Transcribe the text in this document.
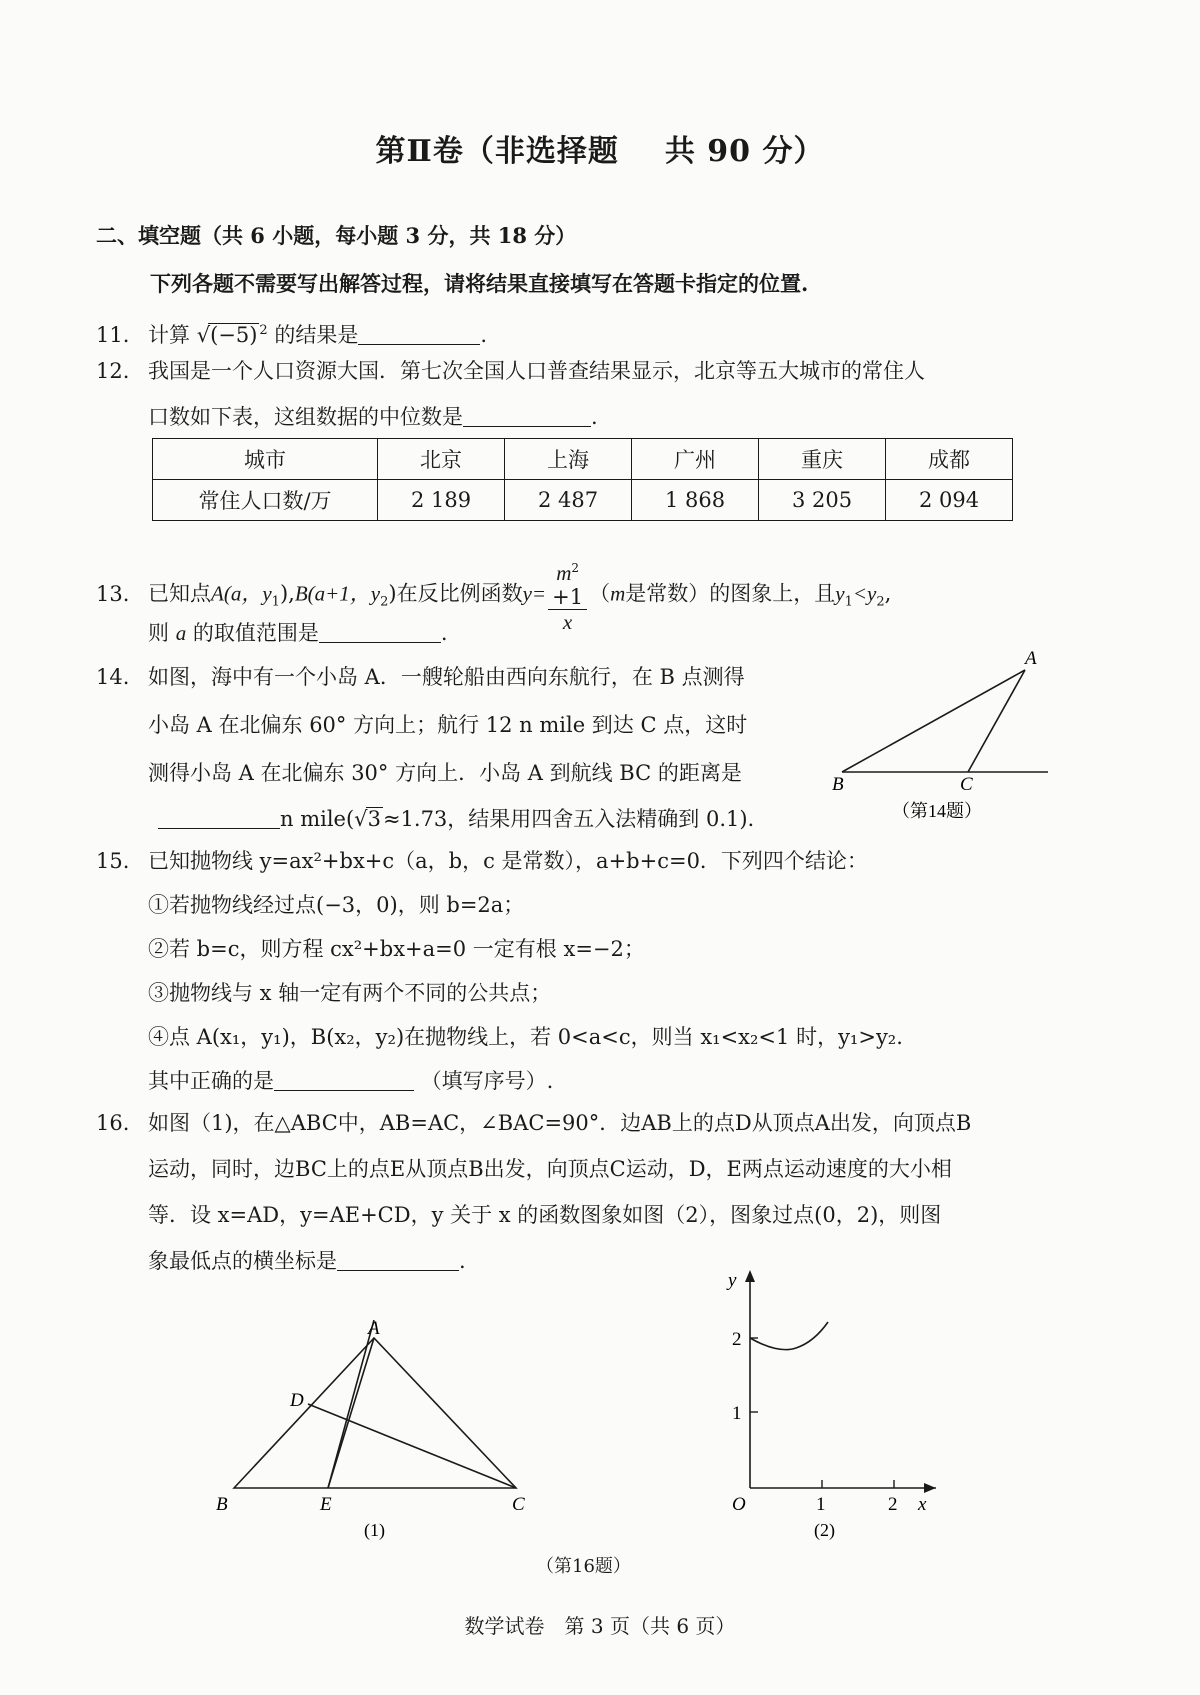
第Ⅱ卷（非选择题 共 90 分）
二、填空题（共 6 小题，每小题 3 分，共 18 分）
下列各题不需要写出解答过程，请将结果直接填写在答题卡指定的位置.
11. 计算 √(−5) $^2$ 的结果是	.
12. 我国是一个人口资源大国．第七次全国人口普查结果显示，北京等五大城市的常住人
口数如下表，这组数据的中位数是	.
城市	北京	上海	广州	重庆	成都
常住人口数/万	2 189	2 487	1 868	3 205	2 094
13. 已知点A(a，$y_1),B(a+1$，$y_2$)在反比例函数$y= m^2$
+1
x （m是常数）的图象上，且$y_1<y_2$,
则 a 的取值范围是	.
14. 如图，海中有一个小岛 A．一艘轮船由西向东航行，在 B 点测得
小岛 A 在北偏东 60° 方向上；航行 12 n mile 到达 C 点，这时
测得小岛 A 在北偏东 30° 方向上．小岛 A 到航线 BC 的距离是
n mile(√3≈1.73，结果用四舍五入法精确到 0.1).
A
B	C
（第14题）
15. 已知抛物线 y=ax²+bx+c（a，b，c 是常数），a+b+c=0．下列四个结论：
①若抛物线经过点(−3，0)，则 b=2a；
②若 b=c，则方程 cx²+bx+a=0 一定有根 x=−2；
③抛物线与 x 轴一定有两个不同的公共点；
④点 A(x₁，y₁)，B(x₂，y₂)在抛物线上，若 0<a<c，则当 x₁<x₂<1 时，y₁>y₂.
其中正确的是	（填写序号）.
16. 如图（1)，在△ABC中，AB=AC，∠BAC=90°．边AB上的点D从顶点A出发，向顶点B
运动，同时，边BC上的点E从顶点B出发，向顶点C运动，D，E两点运动速度的大小相
等．设 x=AD，y=AE+CD，y 关于 x 的函数图象如图（2），图象过点(0，2)，则图
象最低点的横坐标是	.
A
B	C
D
E
(1)
y
x
O	1	2
1
2
(2)
（第16题）
数学试卷　第 3 页（共 6 页）
